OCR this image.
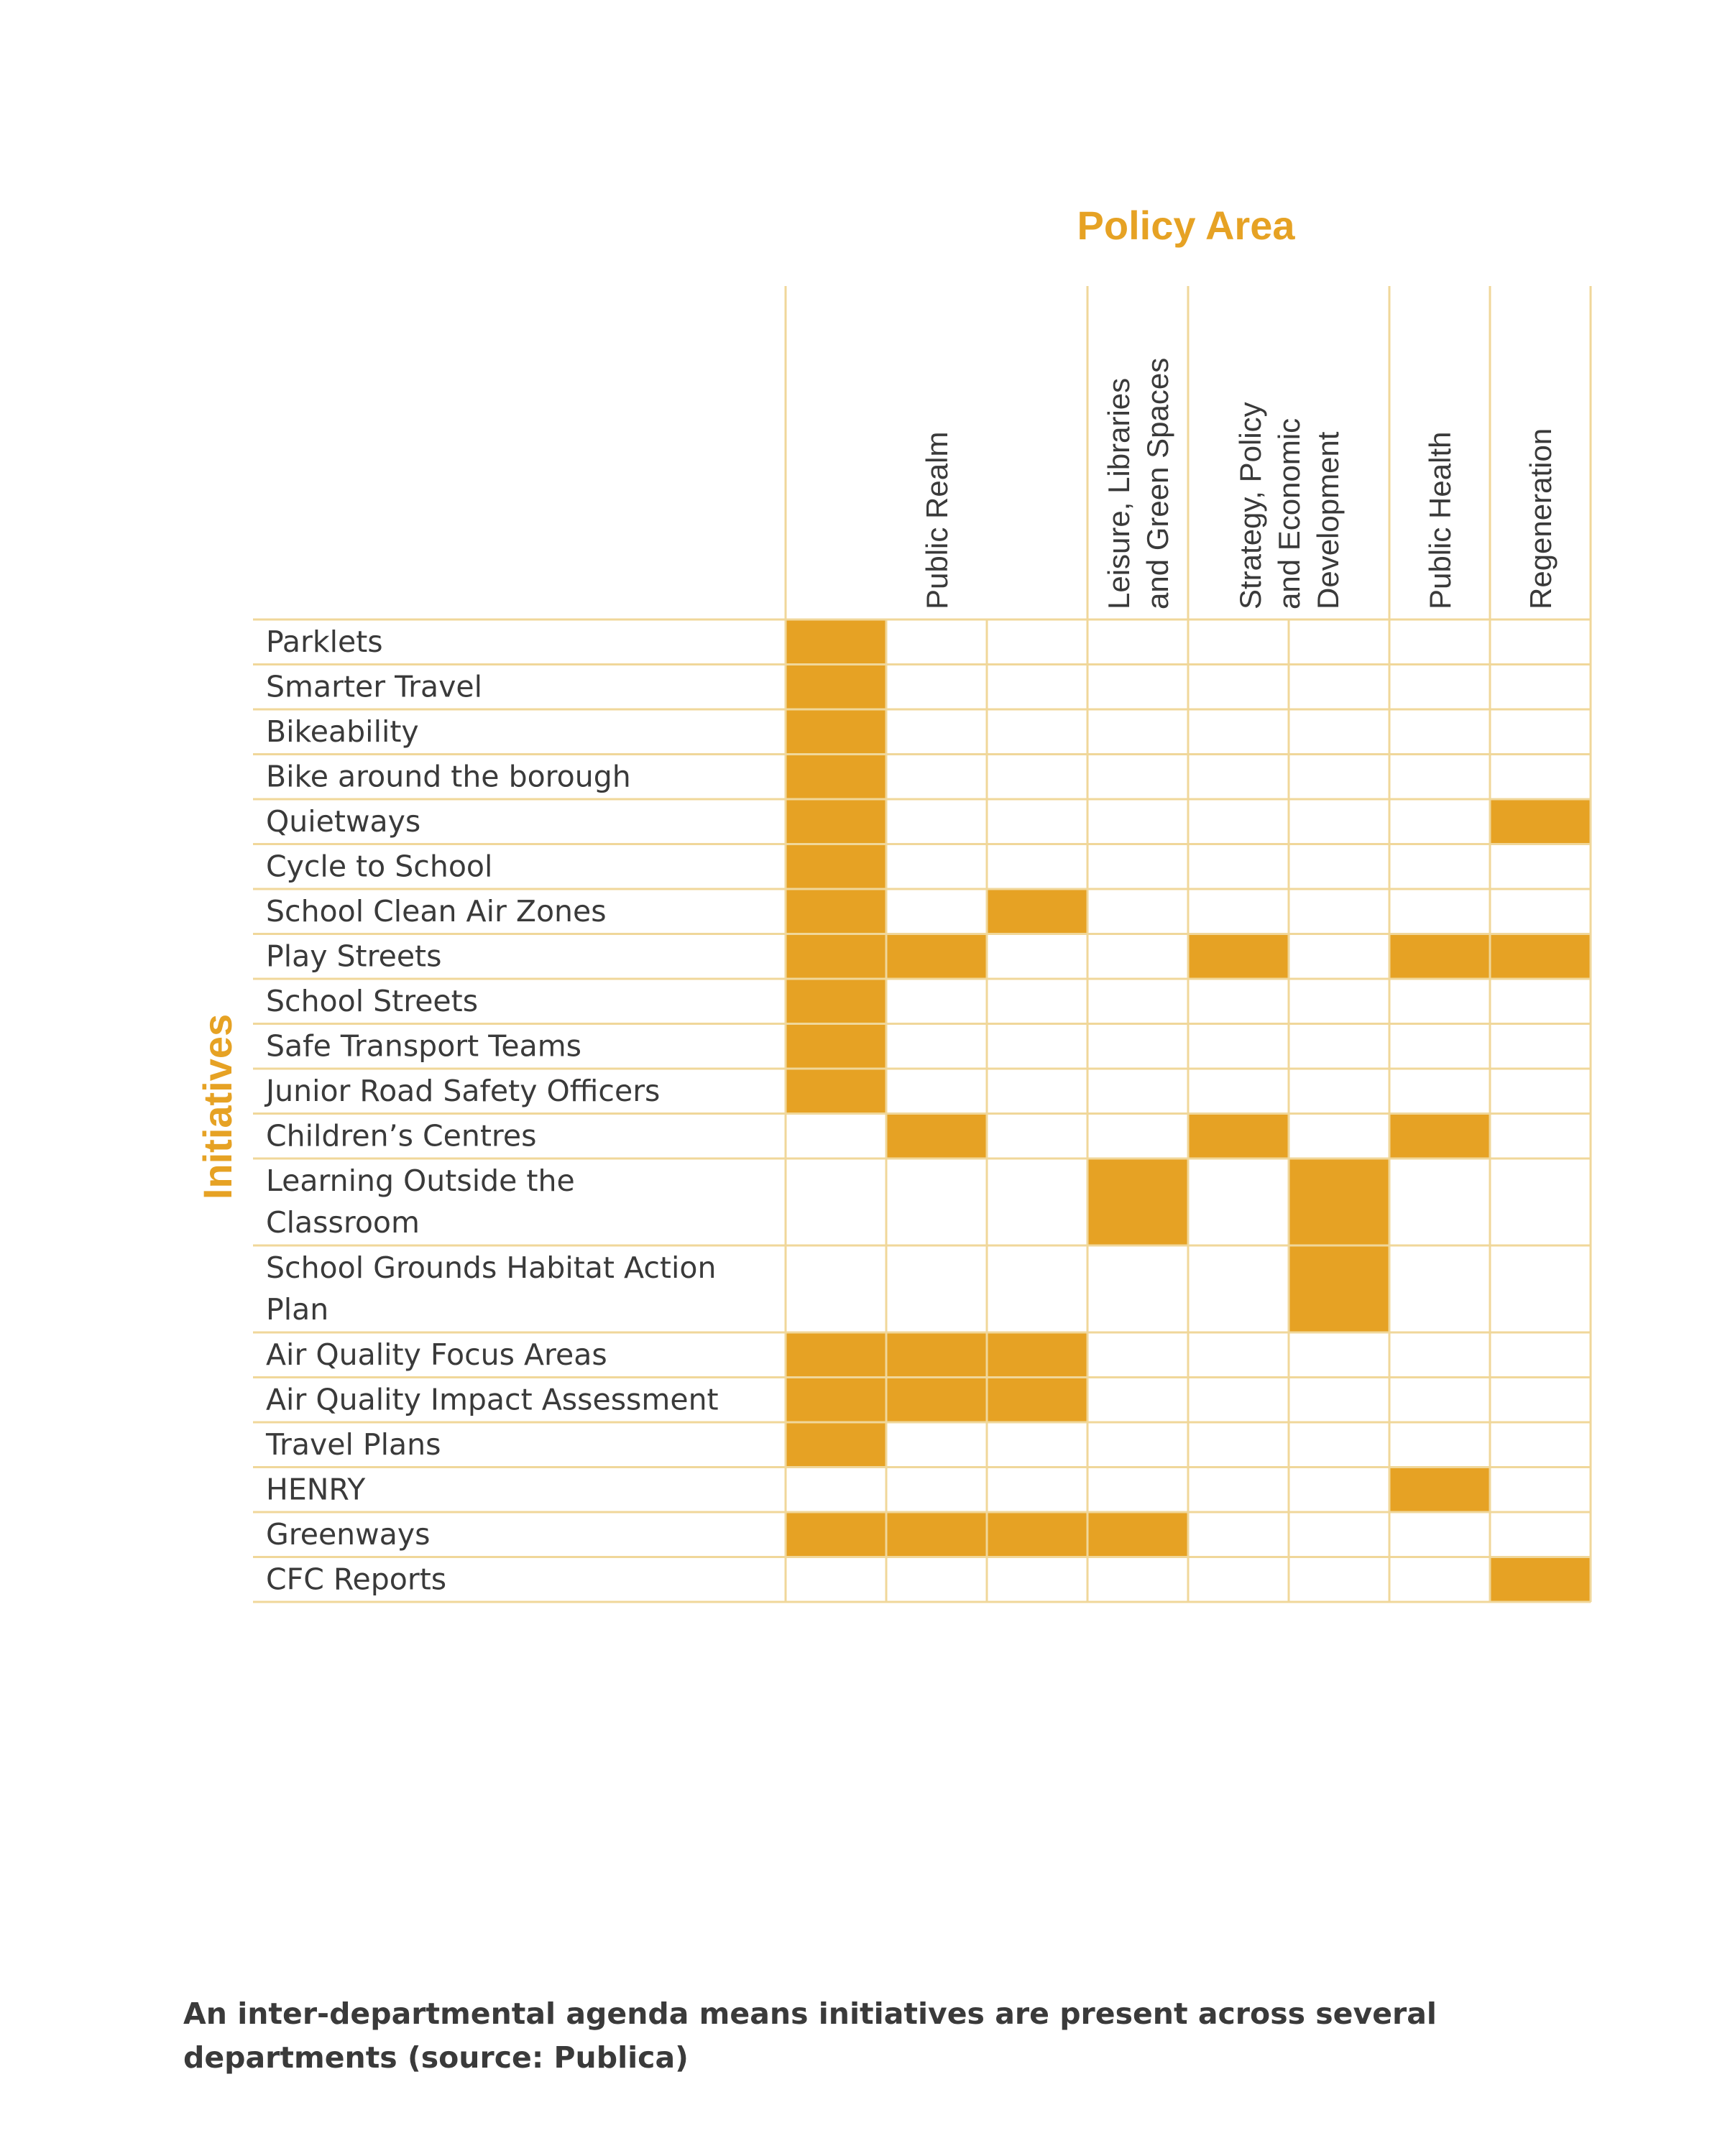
Public Realm	Leisure, Libraries and Green Spaces Strategy, Policy and Economic Development	Public Health Regeneration
Parklets
Smarter Travel
Bikeability
Bike around the borough
Quietways
Cycle to School
School Clean Air Zones
Play Streets
School Streets
Safe Transport Teams
Junior Road Safety Officers
Children’s Centres
Learning Outside the Classroom
School Grounds Habitat Action Plan
Air Quality Focus Areas
Air Quality Impact Assessment
Travel Plans
HENRY
Greenways
CFC Reports
Policy Area
Initiatives
An inter-departmental agenda means initiatives are present across several departments (source: Publica)
